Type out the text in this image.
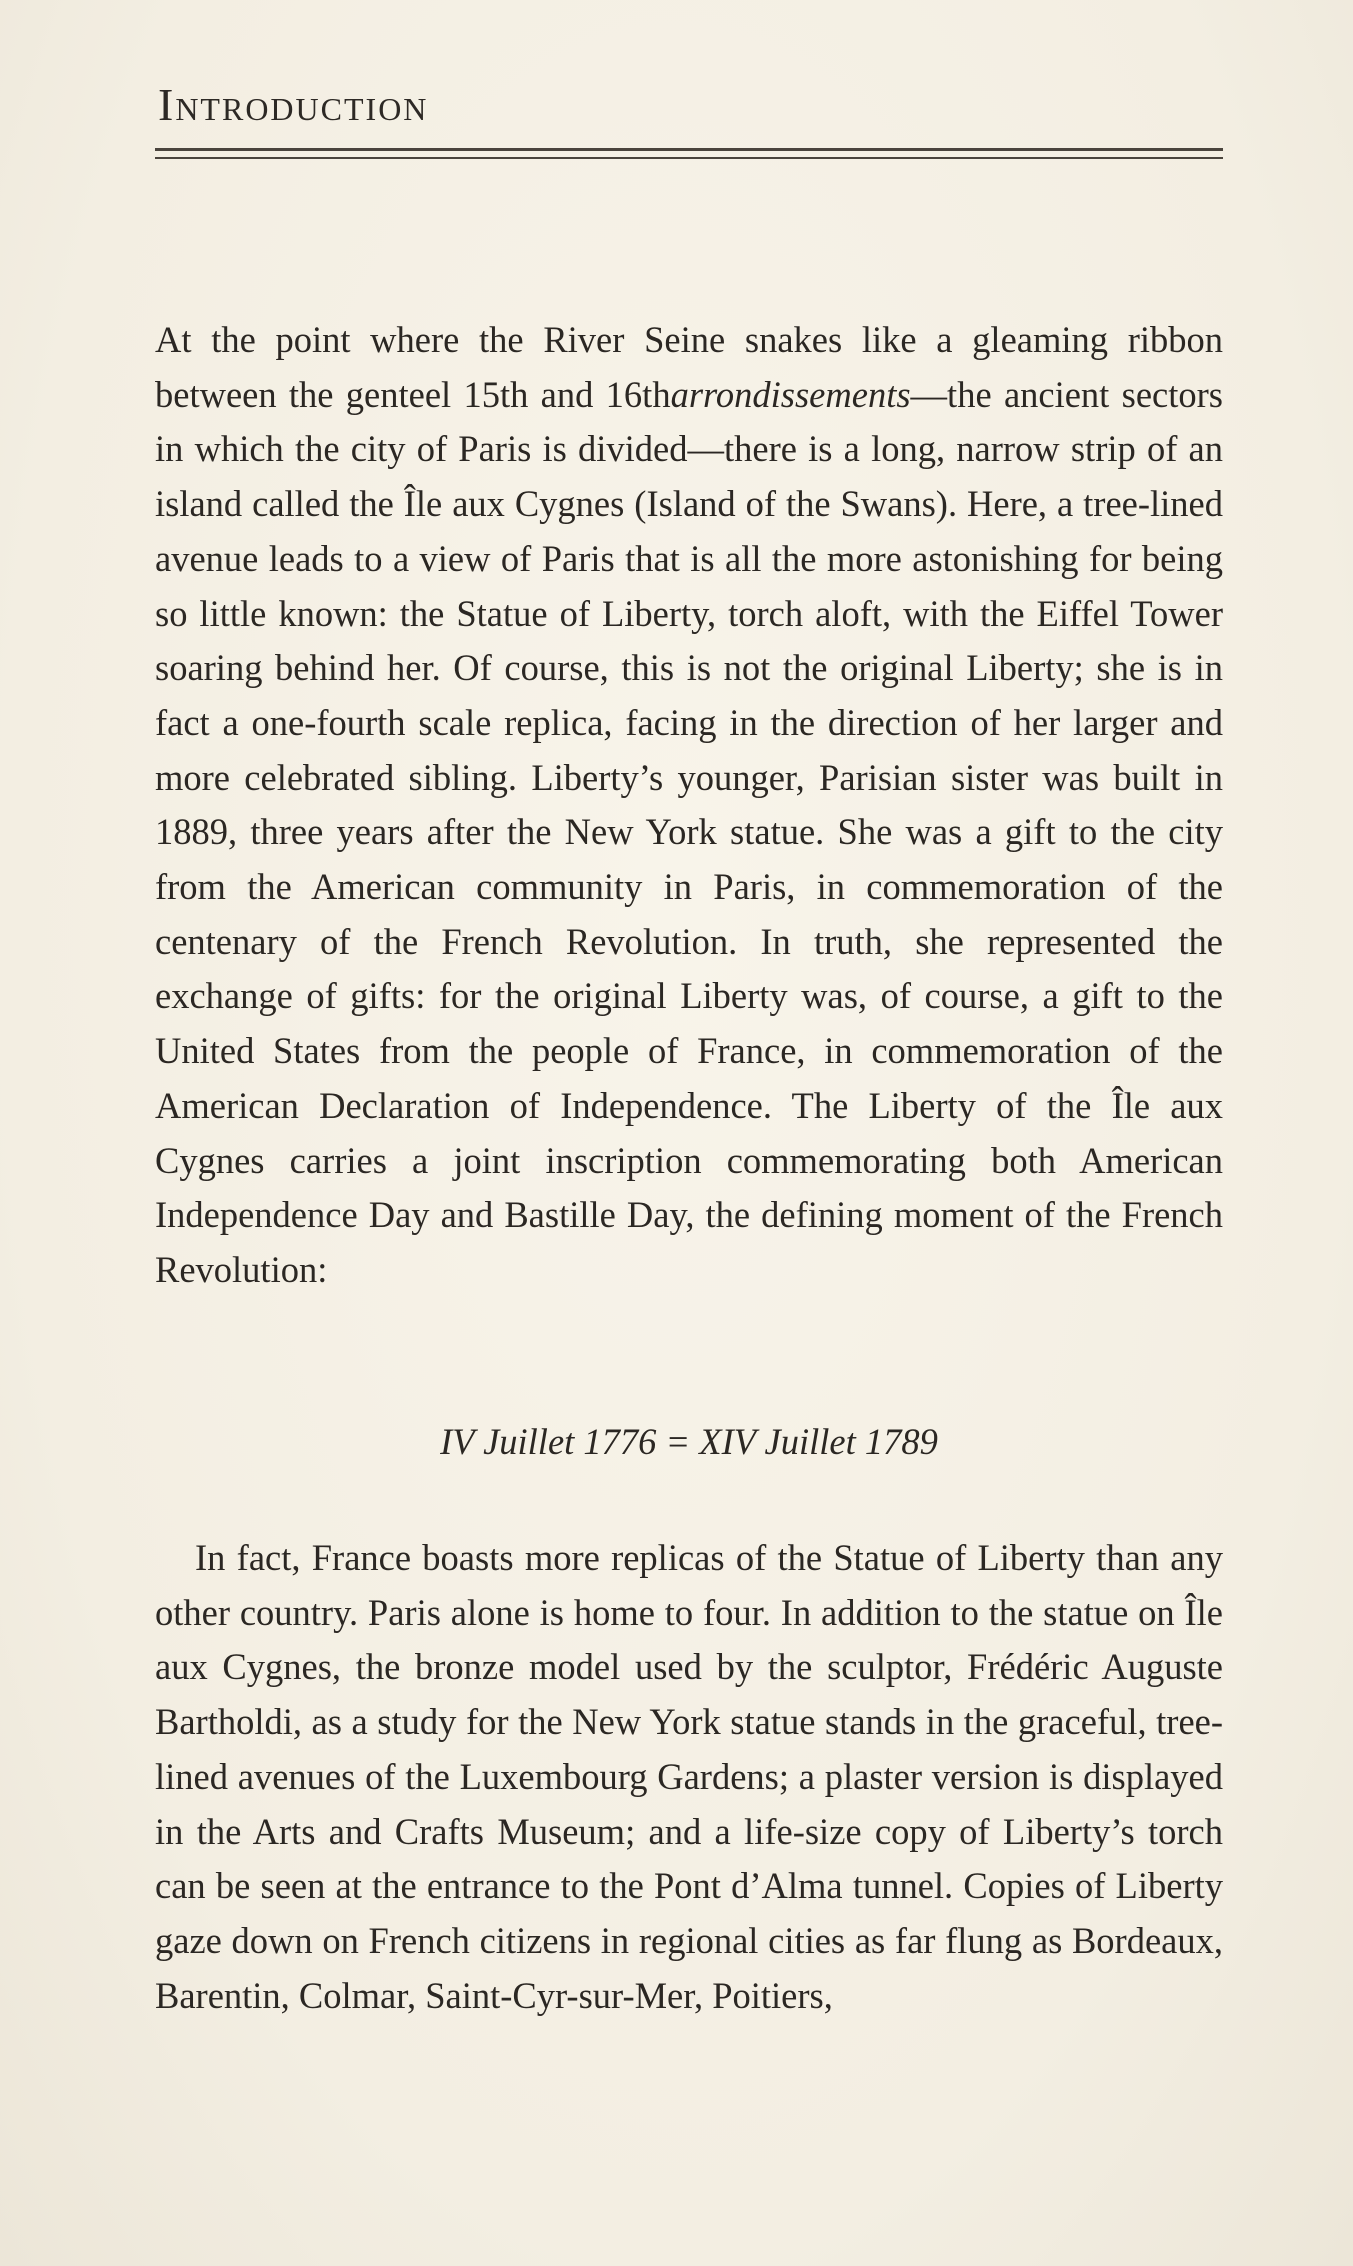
Introduction

At the point where the River Seine snakes like a gleaming ribbon between the genteel 15th and 16tharrondissements—the ancient sectors in which the city of Paris is divided—there is a long, narrow strip of an island called the Île aux Cygnes (Island of the Swans). Here, a tree-lined avenue leads to a view of Paris that is all the more astonishing for being so little known: the Statue of Liberty, torch aloft, with the Eiffel Tower soaring behind her. Of course, this is not the original Liberty; she is in fact a one-fourth scale replica, facing in the direction of her larger and more celebrated sibling. Liberty’s younger, Parisian sister was built in 1889, three years after the New York statue. She was a gift to the city from the American community in Paris, in commemoration of the centenary of the French Revolution. In truth, she represented the exchange of gifts: for the original Liberty was, of course, a gift to the United States from the people of France, in commemoration of the American Declaration of Independence. The Liberty of the Île aux Cygnes carries a joint inscription commemorating both American Independence Day and Bastille Day, the defining moment of the French Revolution:

IV Juillet 1776 = XIV Juillet 1789

In fact, France boasts more replicas of the Statue of Liberty than any other country. Paris alone is home to four. In addition to the statue on Île aux Cygnes, the bronze model used by the sculptor, Frédéric Auguste Bartholdi, as a study for the New York statue stands in the graceful, tree-lined avenues of the Luxembourg Gardens; a plaster version is displayed in the Arts and Crafts Museum; and a life-size copy of Liberty’s torch can be seen at the entrance to the Pont d’Alma tunnel. Copies of Liberty gaze down on French citizens in regional cities as far flung as Bordeaux, Barentin, Colmar, Saint-Cyr-sur-Mer, Poitiers,
